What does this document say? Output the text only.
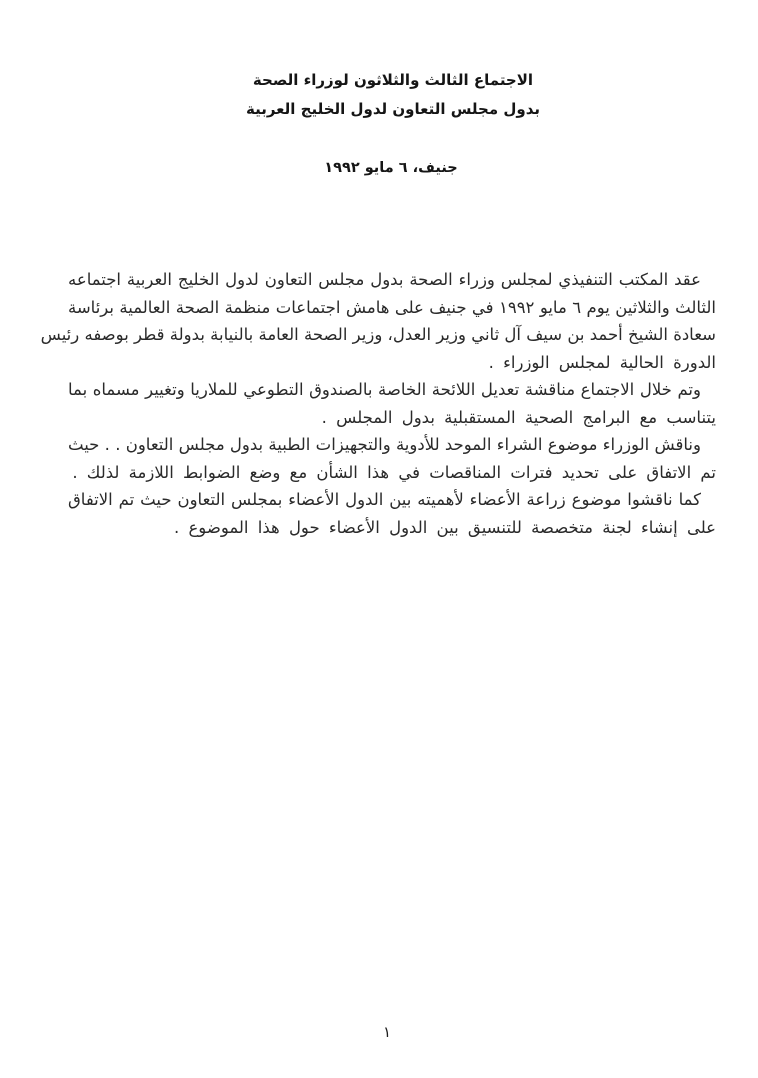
الاجتماع الثالث والثلاثون لوزراء الصحة
بدول مجلس التعاون لدول الخليج العربية
جنيف، ٦ مايو ١٩٩٢
عقد المكتب التنفيذي لمجلس وزراء الصحة بدول مجلس التعاون لدول الخليج العربية اجتماعه
الثالث والثلاثين يوم ٦ مايو ١٩٩٢ في جنيف على هامش اجتماعات منظمة الصحة العالمية برئاسة
سعادة الشيخ أحمد بن سيف آل ثاني وزير العدل، وزير الصحة العامة بالنيابة بدولة قطر بوصفه رئيس
الدورة الحالية لمجلس الوزراء .
وتم خلال الاجتماع مناقشة تعديل اللائحة الخاصة بالصندوق التطوعي للملاريا وتغيير مسماه بما
يتناسب مع البرامج الصحية المستقبلية بدول المجلس .
وناقش الوزراء موضوع الشراء الموحد للأدوية والتجهيزات الطبية بدول مجلس التعاون . . حيث
تم الاتفاق على تحديد فترات المناقصات في هذا الشأن مع وضع الضوابط اللازمة لذلك .
كما ناقشوا موضوع زراعة الأعضاء لأهميته بين الدول الأعضاء بمجلس التعاون حيث تم الاتفاق
على إنشاء لجنة متخصصة للتنسيق بين الدول الأعضاء حول هذا الموضوع .
١
